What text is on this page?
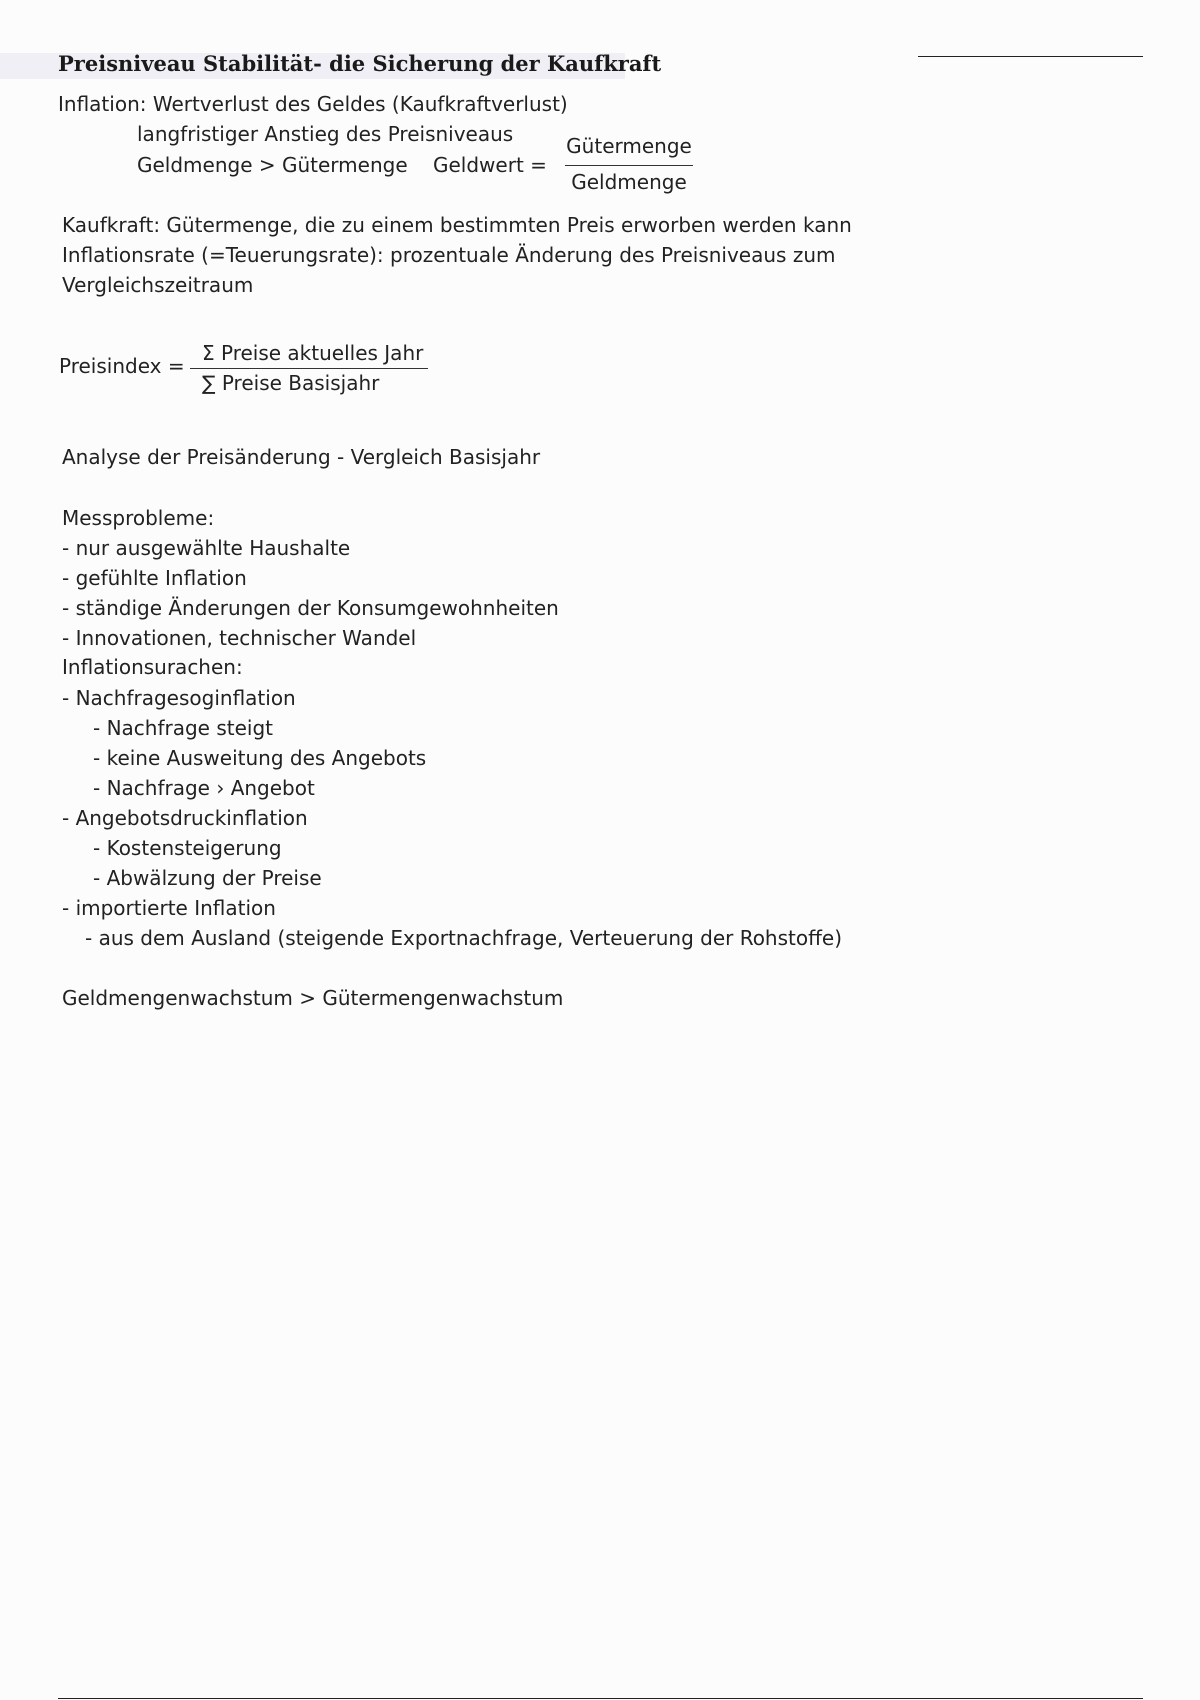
Preisniveau Stabilität- die Sicherung der Kaufkraft
Inflation: Wertverlust des Geldes (Kaufkraftverlust)
langfristiger Anstieg des Preisniveaus
Geldmenge > Gütermenge Geldwert =
Gütermenge
Geldmenge
Kaufkraft: Gütermenge, die zu einem bestimmten Preis erworben werden kann
Inflationsrate (=Teuerungsrate): prozentuale Änderung des Preisniveaus zum
Vergleichszeitraum
Preisindex =
Σ Preise aktuelles Jahr
∑ Preise Basisjahr
Analyse der Preisänderung - Vergleich Basisjahr
Messprobleme:
- nur ausgewählte Haushalte
- gefühlte Inflation
- ständige Änderungen der Konsumgewohnheiten
- Innovationen, technischer Wandel
Inflationsurachen:
- Nachfragesoginflation
- Nachfrage steigt
- keine Ausweitung des Angebots
- Nachfrage › Angebot
- Angebotsdruckinflation
- Kostensteigerung
- Abwälzung der Preise
- importierte Inflation
- aus dem Ausland (steigende Exportnachfrage, Verteuerung der Rohstoffe)
Geldmengenwachstum > Gütermengenwachstum
